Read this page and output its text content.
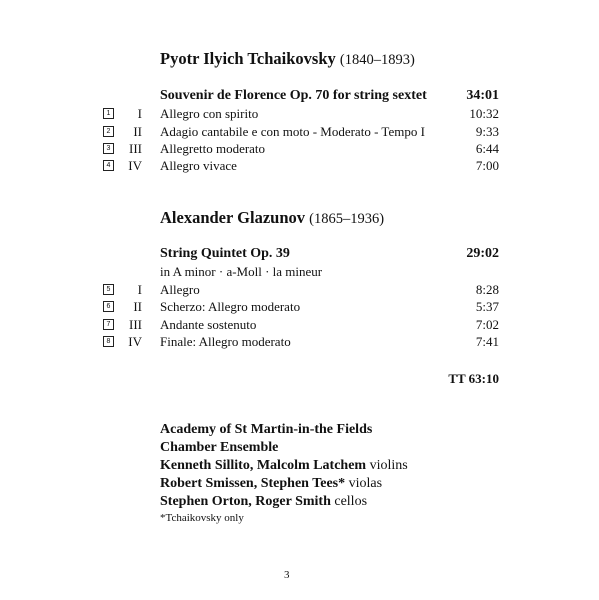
Pyotr Ilyich Tchaikovsky (1840–1893)
Souvenir de Florence Op. 70 for string sextet	34:01
1	I Allegro con spirito	10:32
2	II Adagio cantabile e con moto - Moderato - Tempo I	9:33
3	III Allegretto moderato	6:44
4	IV Allegro vivace	7:00
Alexander Glazunov (1865–1936)
String Quintet Op. 39	29:02
in A minor · a-Moll · la mineur
5	I Allegro	8:28
6	II Scherzo: Allegro moderato	5:37
7	III Andante sostenuto	7:02
8	IV Finale: Allegro moderato	7:41
TT 63:10
Academy of St Martin-in-the Fields
Chamber Ensemble
Kenneth Sillito, Malcolm Latchem violins
Robert Smissen, Stephen Tees* violas
Stephen Orton, Roger Smith cellos
*Tchaikovsky only
3
